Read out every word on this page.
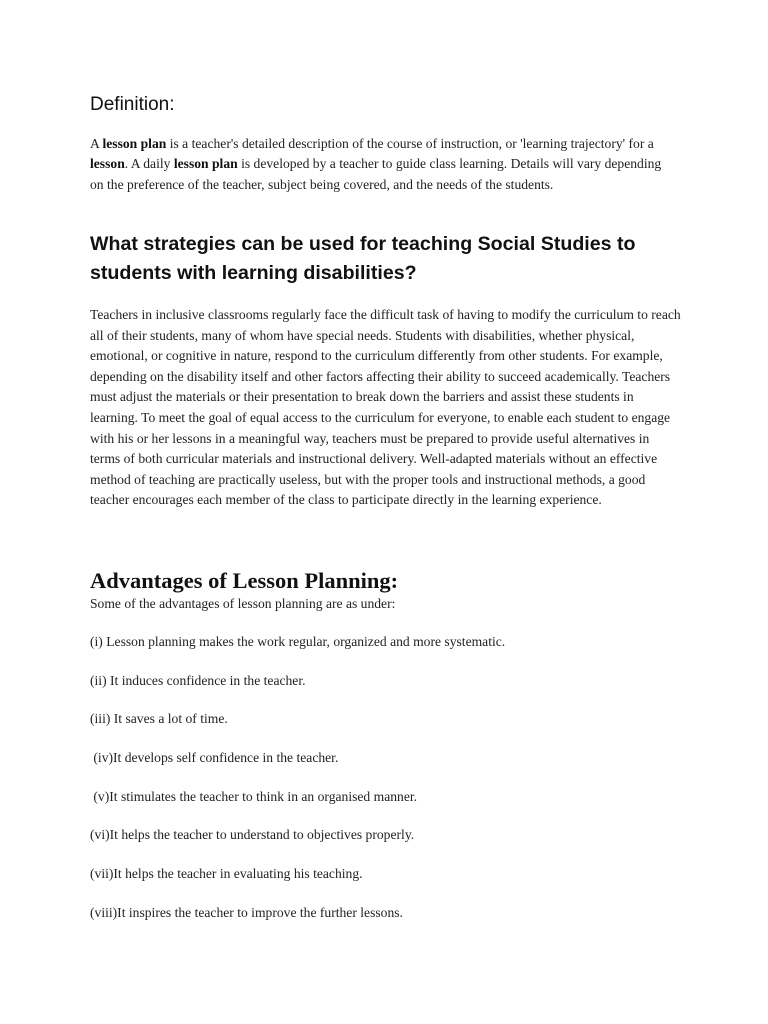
Definition:

A lesson plan is a teacher's detailed description of the course of instruction, or 'learning trajectory' for a lesson. A daily lesson plan is developed by a teacher to guide class learning. Details will vary depending on the preference of the teacher, subject being covered, and the needs of the students.

What strategies can be used for teaching Social Studies to students with learning disabilities?

Teachers in inclusive classrooms regularly face the difficult task of having to modify the curriculum to reach all of their students, many of whom have special needs. Students with disabilities, whether physical, emotional, or cognitive in nature, respond to the curriculum differently from other students. For example, depending on the disability itself and other factors affecting their ability to succeed academically. Teachers must adjust the materials or their presentation to break down the barriers and assist these students in learning. To meet the goal of equal access to the curriculum for everyone, to enable each student to engage with his or her lessons in a meaningful way, teachers must be prepared to provide useful alternatives in terms of both curricular materials and instructional delivery. Well-adapted materials without an effective method of teaching are practically useless, but with the proper tools and instructional methods, a good teacher encourages each member of the class to participate directly in the learning experience.

Advantages of Lesson Planning:

Some of the advantages of lesson planning are as under:

(i) Lesson planning makes the work regular, organized and more systematic.

(ii) It induces confidence in the teacher.

(iii) It saves a lot of time.

(iv)It develops self confidence in the teacher.

(v)It stimulates the teacher to think in an organised manner.

(vi)It helps the teacher to understand to objectives properly.

(vii)It helps the teacher in evaluating his teaching.

(viii)It inspires the teacher to improve the further lessons.
